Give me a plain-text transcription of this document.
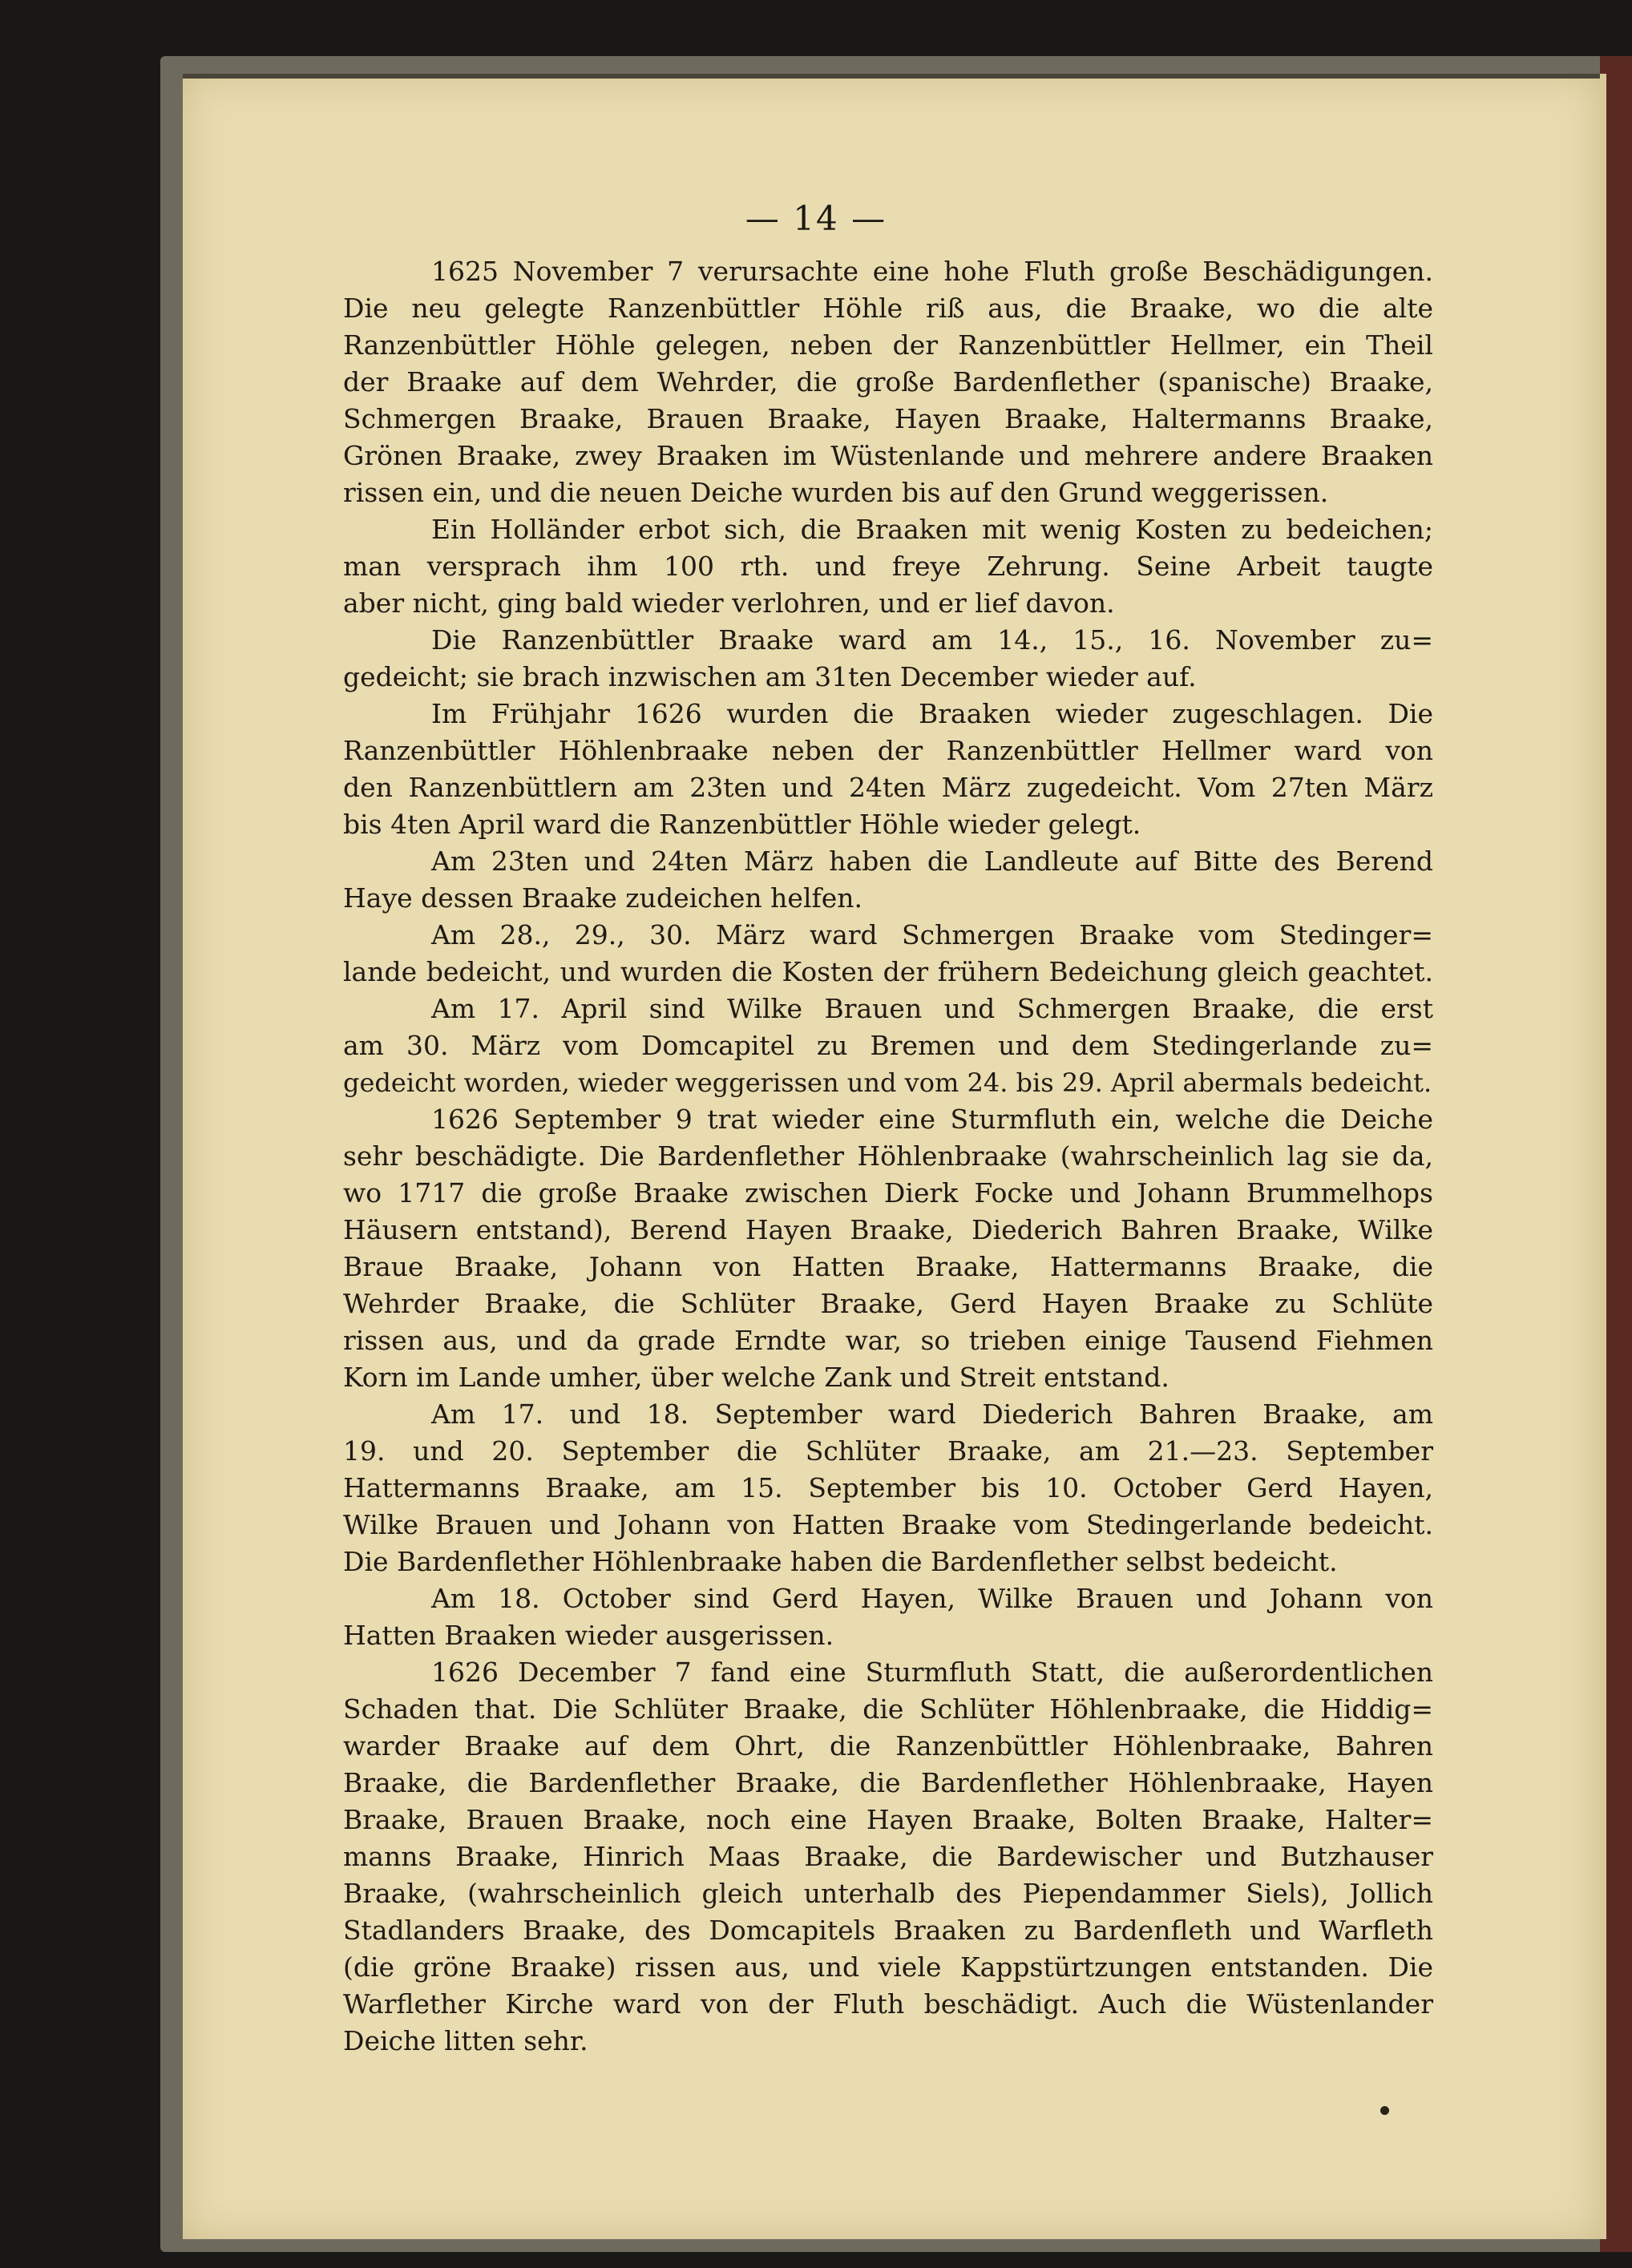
— 14 —
1625 November 7 verursachte eine hohe Fluth große Beschädigungen.
Die neu gelegte Ranzenbüttler Höhle riß aus, die Braake, wo die alte
Ranzenbüttler Höhle gelegen, neben der Ranzenbüttler Hellmer, ein Theil
der Braake auf dem Wehrder, die große Bardenflether (spanische) Braake,
Schmergen Braake, Brauen Braake, Hayen Braake, Haltermanns Braake,
Grönen Braake, zwey Braaken im Wüstenlande und mehrere andere Braaken
rissen ein, und die neuen Deiche wurden bis auf den Grund weggerissen.
Ein Holländer erbot sich, die Braaken mit wenig Kosten zu bedeichen;
man versprach ihm 100 rth. und freye Zehrung. Seine Arbeit taugte
aber nicht, ging bald wieder verlohren, und er lief davon.
Die Ranzenbüttler Braake ward am 14., 15., 16. November zu=
gedeicht; sie brach inzwischen am 31ten December wieder auf.
Im Frühjahr 1626 wurden die Braaken wieder zugeschlagen. Die
Ranzenbüttler Höhlenbraake neben der Ranzenbüttler Hellmer ward von
den Ranzenbüttlern am 23ten und 24ten März zugedeicht. Vom 27ten März
bis 4ten April ward die Ranzenbüttler Höhle wieder gelegt.
Am 23ten und 24ten März haben die Landleute auf Bitte des Berend
Haye dessen Braake zudeichen helfen.
Am 28., 29., 30. März ward Schmergen Braake vom Stedinger=
lande bedeicht, und wurden die Kosten der frühern Bedeichung gleich geachtet.
Am 17. April sind Wilke Brauen und Schmergen Braake, die erst
am 30. März vom Domcapitel zu Bremen und dem Stedingerlande zu=
gedeicht worden, wieder weggerissen und vom 24. bis 29. April abermals bedeicht.
1626 September 9 trat wieder eine Sturmfluth ein, welche die Deiche
sehr beschädigte. Die Bardenflether Höhlenbraake (wahrscheinlich lag sie da,
wo 1717 die große Braake zwischen Dierk Focke und Johann Brummelhops
Häusern entstand), Berend Hayen Braake, Diederich Bahren Braake, Wilke
Braue Braake, Johann von Hatten Braake, Hattermanns Braake, die
Wehrder Braake, die Schlüter Braake, Gerd Hayen Braake zu Schlüte
rissen aus, und da grade Erndte war, so trieben einige Tausend Fiehmen
Korn im Lande umher, über welche Zank und Streit entstand.
Am 17. und 18. September ward Diederich Bahren Braake, am
19. und 20. September die Schlüter Braake, am 21.—23. September
Hattermanns Braake, am 15. September bis 10. October Gerd Hayen,
Wilke Brauen und Johann von Hatten Braake vom Stedingerlande bedeicht.
Die Bardenflether Höhlenbraake haben die Bardenflether selbst bedeicht.
Am 18. October sind Gerd Hayen, Wilke Brauen und Johann von
Hatten Braaken wieder ausgerissen.
1626 December 7 fand eine Sturmfluth Statt, die außerordentlichen
Schaden that. Die Schlüter Braake, die Schlüter Höhlenbraake, die Hiddig=
warder Braake auf dem Ohrt, die Ranzenbüttler Höhlenbraake, Bahren
Braake, die Bardenflether Braake, die Bardenflether Höhlenbraake, Hayen
Braake, Brauen Braake, noch eine Hayen Braake, Bolten Braake, Halter=
manns Braake, Hinrich Maas Braake, die Bardewischer und Butzhauser
Braake, (wahrscheinlich gleich unterhalb des Piependammer Siels), Jollich
Stadlanders Braake, des Domcapitels Braaken zu Bardenfleth und Warfleth
(die gröne Braake) rissen aus, und viele Kappstürtzungen entstanden. Die
Warflether Kirche ward von der Fluth beschädigt. Auch die Wüstenlander
Deiche litten sehr.
